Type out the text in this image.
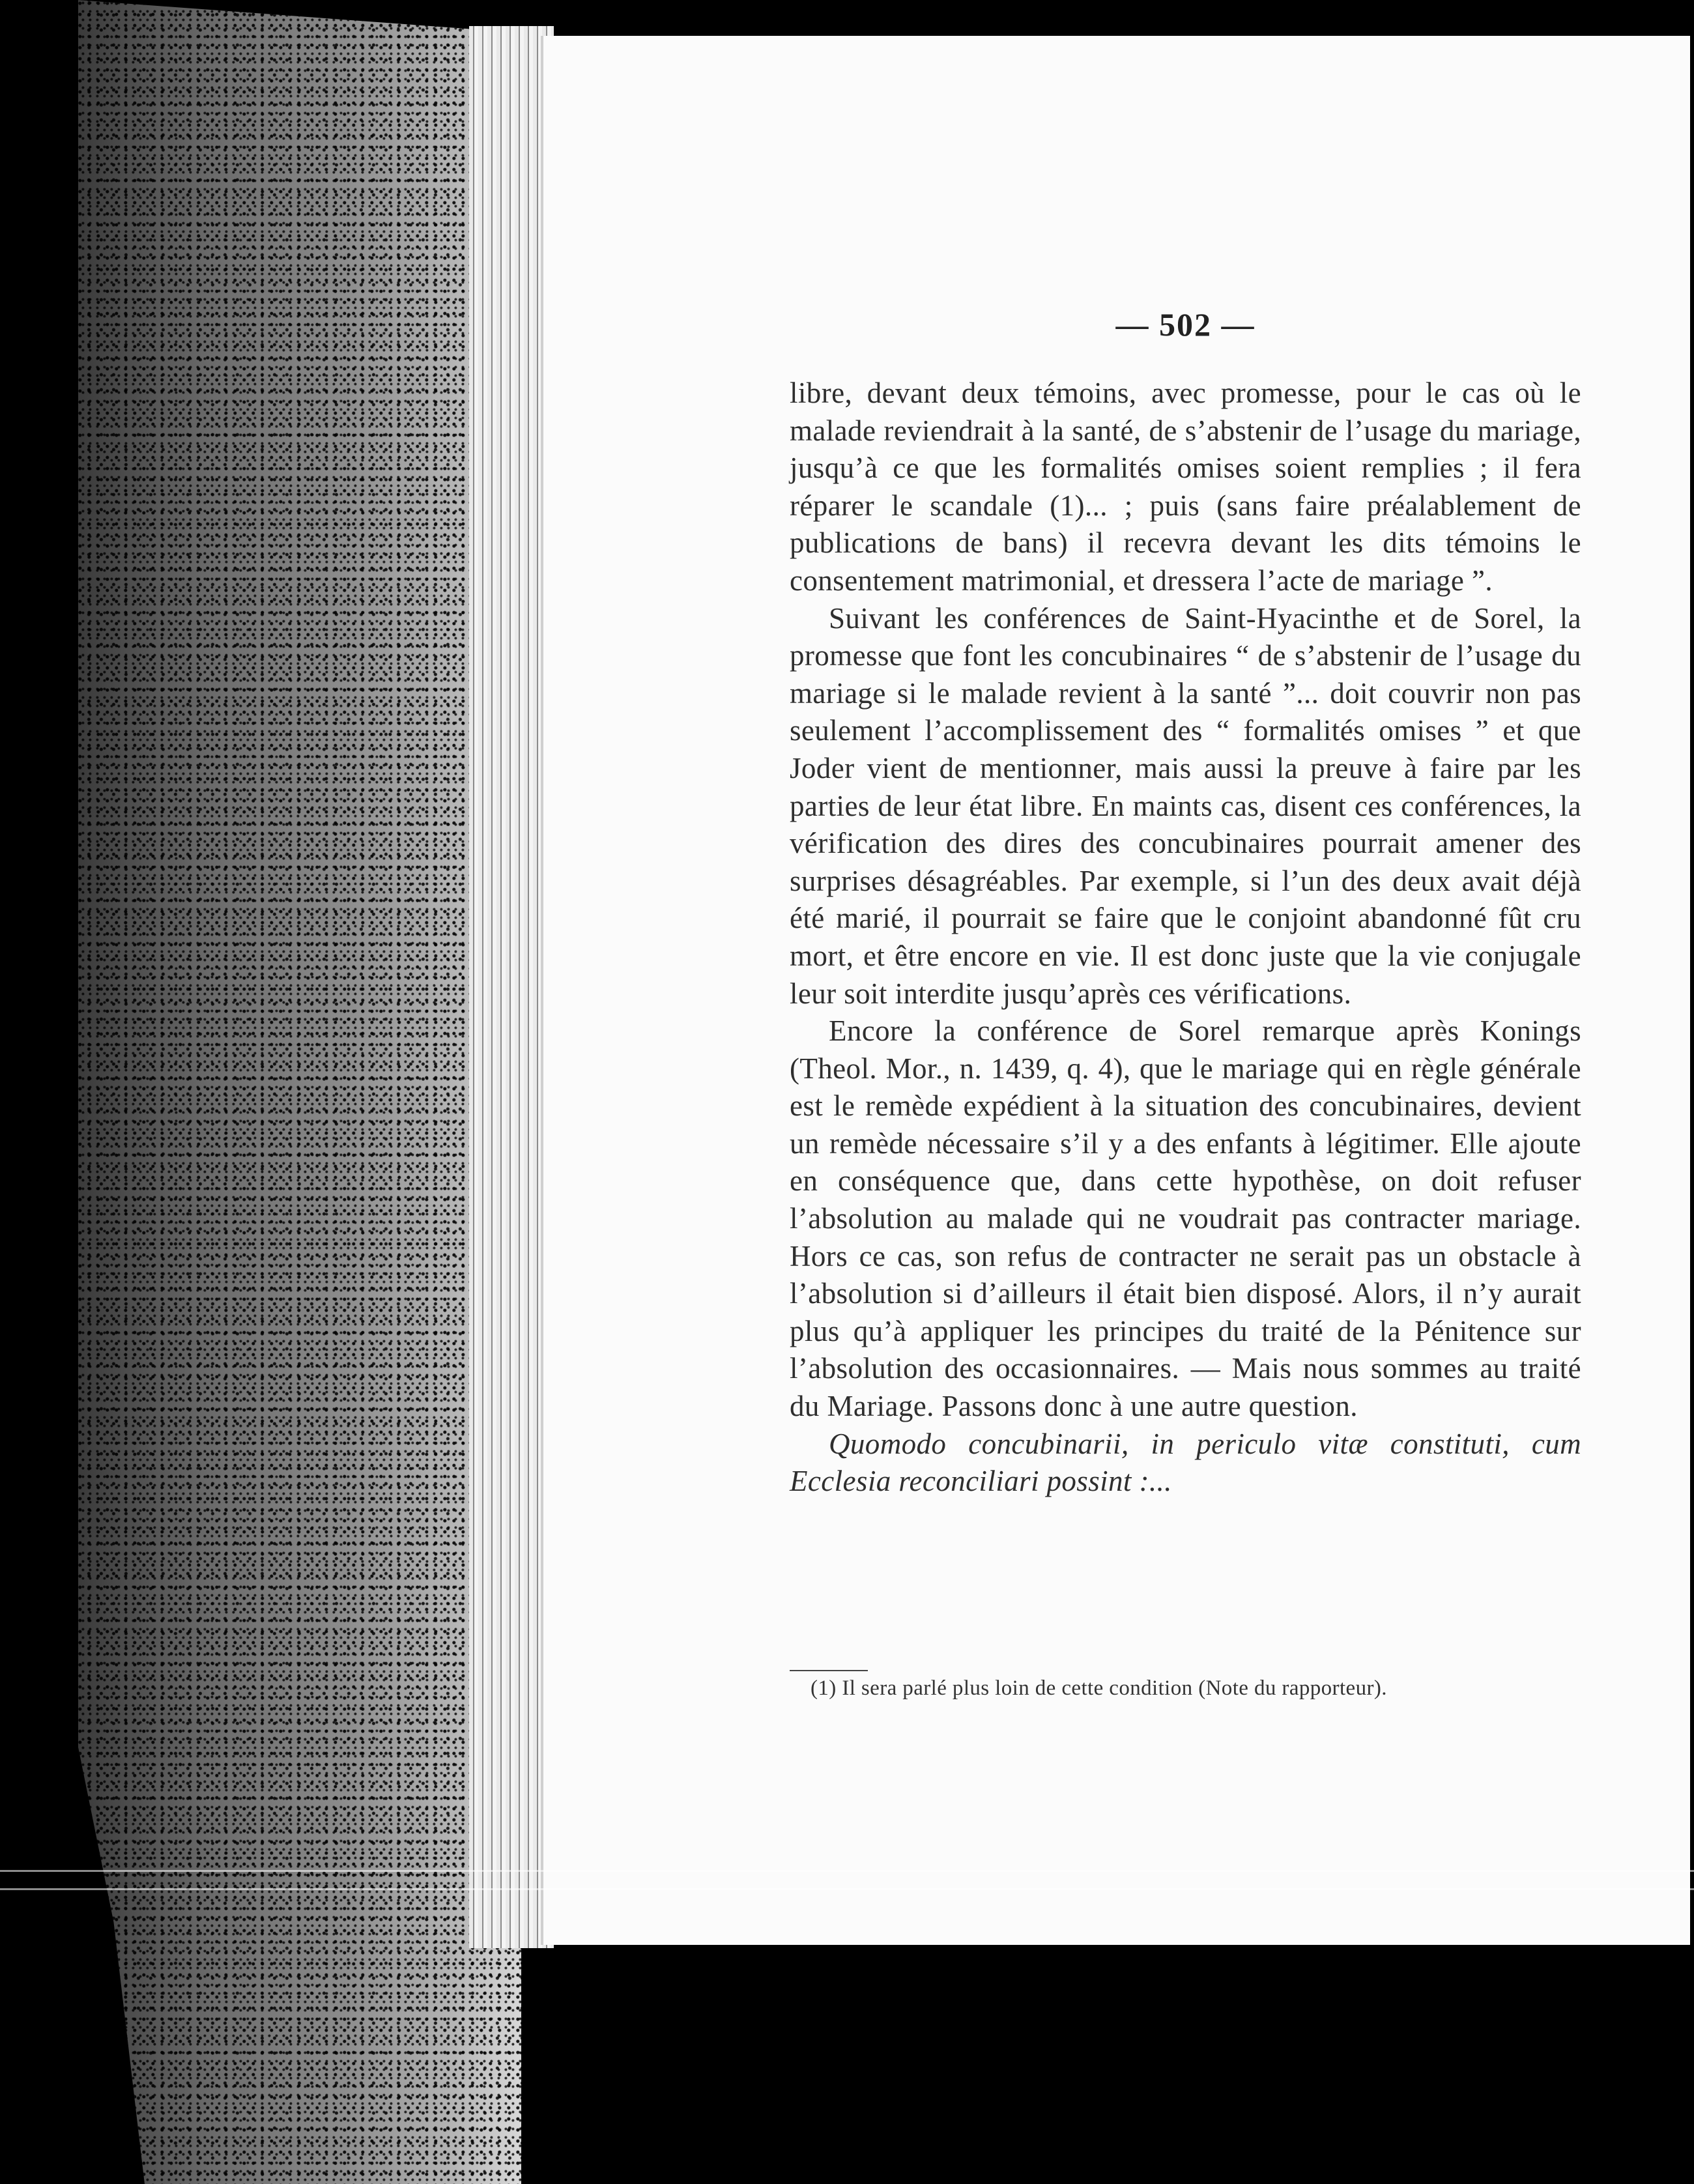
— 502 —

libre, devant deux témoins, avec promesse, pour le cas où le malade reviendrait à la santé, de s’abstenir de l’usage du mariage, jusqu’à ce que les formalités omises soient remplies ; il fera réparer le scandale (1)... ; puis (sans faire préalablement de publications de bans) il recevra devant les dits témoins le consentement matrimonial, et dressera l’acte de mariage ”.

Suivant les conférences de Saint-Hyacinthe et de Sorel, la promesse que font les concubinaires “ de s’abstenir de l’usage du mariage si le malade revient à la santé ”... doit couvrir non pas seulement l’accomplissement des “ formalités omises ” et que Joder vient de mentionner, mais aussi la preuve à faire par les parties de leur état libre. En maints cas, disent ces conférences, la vérification des dires des concubinaires pourrait amener des surprises désagréables. Par exemple, si l’un des deux avait déjà été marié, il pourrait se faire que le conjoint abandonné fût cru mort, et être encore en vie. Il est donc juste que la vie conjugale leur soit interdite jusqu’après ces vérifications.

Encore la conférence de Sorel remarque après Konings (Theol. Mor., n. 1439, q. 4), que le mariage qui en règle générale est le remède expédient à la situation des concubinaires, devient un remède nécessaire s’il y a des enfants à légitimer. Elle ajoute en conséquence que, dans cette hypothèse, on doit refuser l’absolution au malade qui ne voudrait pas contracter mariage. Hors ce cas, son refus de contracter ne serait pas un obstacle à l’absolution si d’ailleurs il était bien disposé. Alors, il n’y aurait plus qu’à appliquer les principes du traité de la Pénitence sur l’absolution des occasionnaires. — Mais nous sommes au traité du Mariage. Passons donc à une autre question.

Quomodo concubinarii, in periculo vitæ constituti, cum Ecclesia reconciliari possint :...

(1) Il sera parlé plus loin de cette condition (Note du rapporteur).
